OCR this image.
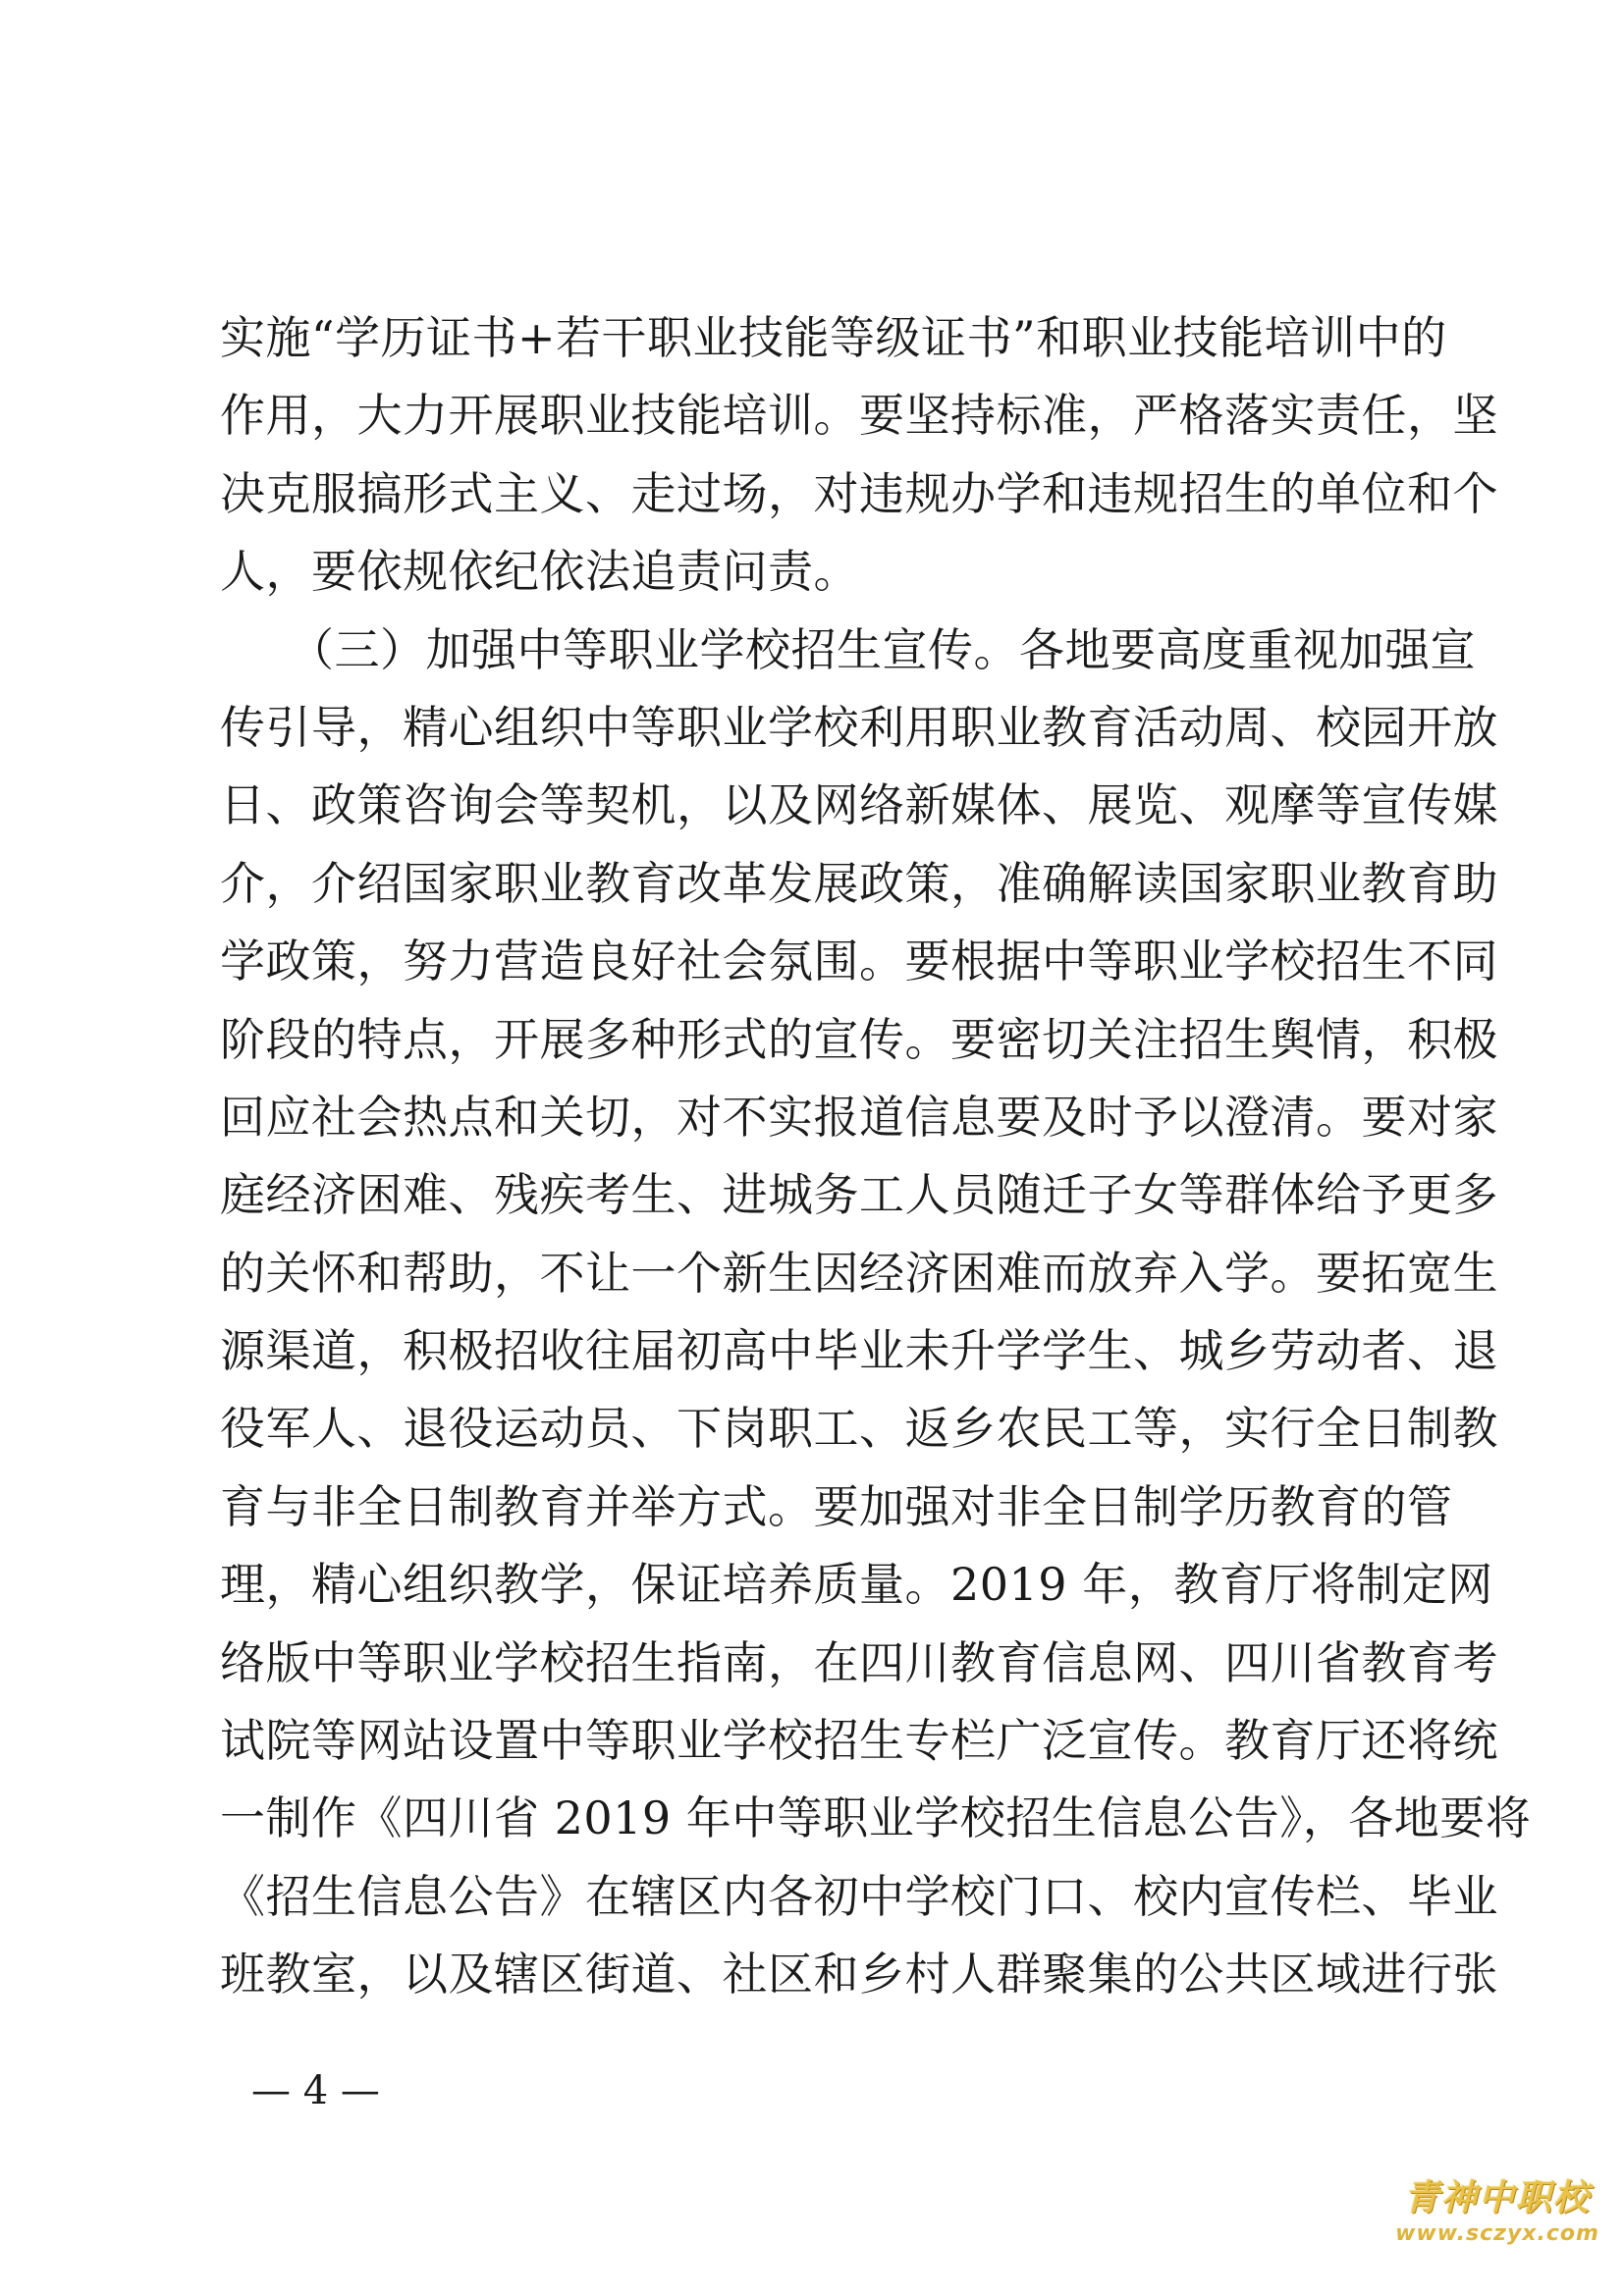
实施“学历证书+若干职业技能等级证书”和职业技能培训中的
作用，大力开展职业技能培训。要坚持标准，严格落实责任，坚
决克服搞形式主义、走过场，对违规办学和违规招生的单位和个
人，要依规依纪依法追责问责。
　　（三）加强中等职业学校招生宣传。各地要高度重视加强宣
传引导，精心组织中等职业学校利用职业教育活动周、校园开放
日、政策咨询会等契机，以及网络新媒体、展览、观摩等宣传媒
介，介绍国家职业教育改革发展政策，准确解读国家职业教育助
学政策，努力营造良好社会氛围。要根据中等职业学校招生不同
阶段的特点，开展多种形式的宣传。要密切关注招生舆情，积极
回应社会热点和关切，对不实报道信息要及时予以澄清。要对家
庭经济困难、残疾考生、进城务工人员随迁子女等群体给予更多
的关怀和帮助，不让一个新生因经济困难而放弃入学。要拓宽生
源渠道，积极招收往届初高中毕业未升学学生、城乡劳动者、退
役军人、退役运动员、下岗职工、返乡农民工等，实行全日制教
育与非全日制教育并举方式。要加强对非全日制学历教育的管
理，精心组织教学，保证培养质量。2019 年，教育厅将制定网
络版中等职业学校招生指南，在四川教育信息网、四川省教育考
试院等网站设置中等职业学校招生专栏广泛宣传。教育厅还将统
一制作《四川省 2019 年中等职业学校招生信息公告》，各地要将
《招生信息公告》在辖区内各初中学校门口、校内宣传栏、毕业
班教室，以及辖区街道、社区和乡村人群聚集的公共区域进行张
— 4 —
青神中职校
www.sczyx.com
